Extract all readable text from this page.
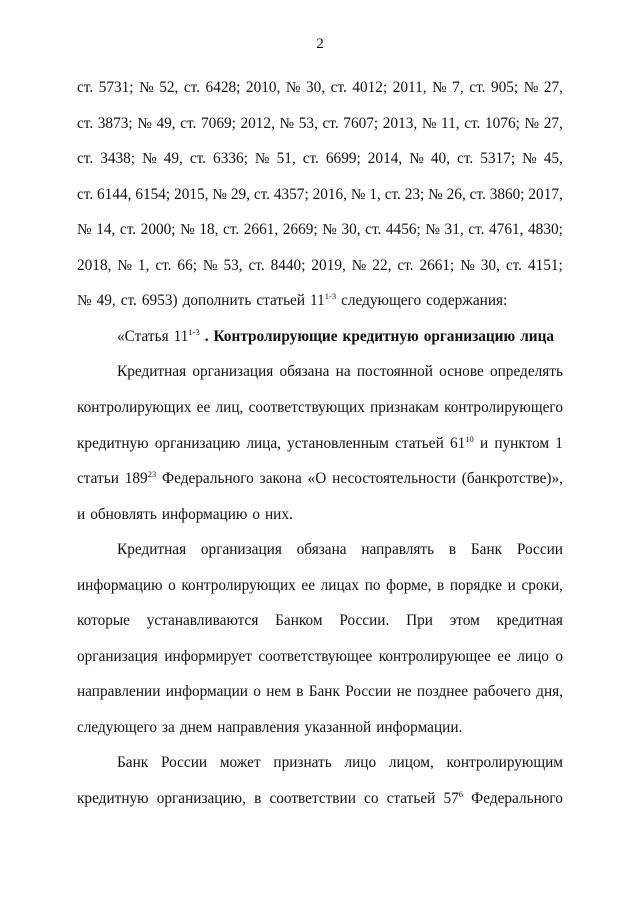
2
ст. 5731; № 52, ст. 6428; 2010, № 30, ст. 4012; 2011, № 7, ст. 905; № 27,
ст. 3873; № 49, ст. 7069; 2012, № 53, ст. 7607; 2013, № 11, ст. 1076; № 27,
ст. 3438; № 49, ст. 6336; № 51, ст. 6699; 2014, № 40, ст. 5317; № 45,
ст. 6144, 6154; 2015, № 29, ст. 4357; 2016, № 1, ст. 23; № 26, ст. 3860; 2017,
№ 14, ст. 2000; № 18, ст. 2661, 2669; № 30, ст. 4456; № 31, ст. 4761, 4830;
2018, № 1, ст. 66; № 53, ст. 8440; 2019, № 22, ст. 2661; № 30, ст. 4151;
№ 49, ст. 6953) дополнить статьей 11$^{1-3}$ следующего содержания:
«Статья 11$^{1-3}$ . Контролирующие кредитную организацию лица
Кредитная организация обязана на постоянной основе определять
контролирующих ее лиц, соответствующих признакам контролирующего
кредитную организацию лица, установленным статьей $61^{10}$ и пунктом 1
статьи $189^{23}$ Федерального закона «О несостоятельности (банкротстве)»,
и обновлять информацию о них.
Кредитная организация обязана направлять в Банк России
информацию о контролирующих ее лицах по форме, в порядке и сроки,
которые устанавливаются Банком России. При этом кредитная
организация информирует соответствующее контролирующее ее лицо о
направлении информации о нем в Банк России не позднее рабочего дня,
следующего за днем направления указанной информации.
Банк России может признать лицо лицом, контролирующим
кредитную организацию, в соответствии со статьей $57^6$ Федерального
